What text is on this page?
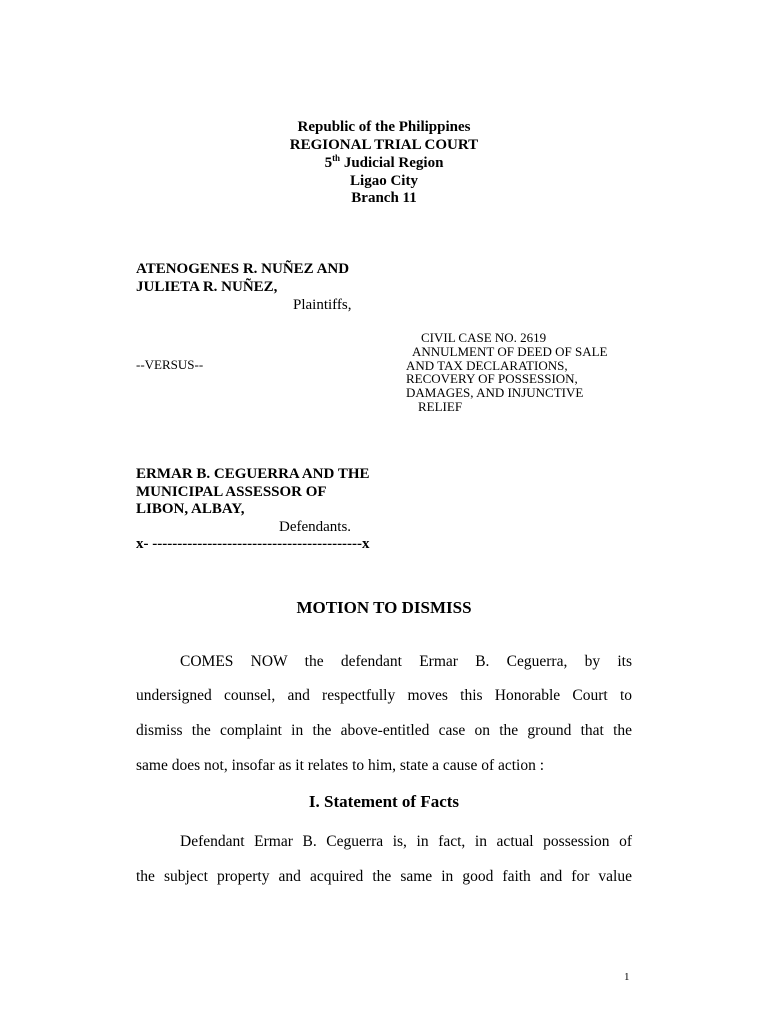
Republic of the Philippines
REGIONAL TRIAL COURT
5th Judicial Region
Ligao City
Branch 11
ATENOGENES R. NUÑEZ AND
JULIETA R. NUÑEZ,
Plaintiffs,
CIVIL CASE NO. 2619
ANNULMENT OF DEED OF SALE
AND TAX DECLARATIONS,
RECOVERY OF POSSESSION,
DAMAGES, AND INJUNCTIVE
RELIEF
--VERSUS--
ERMAR B. CEGUERRA AND THE
MUNICIPAL ASSESSOR OF
LIBON, ALBAY,
Defendants.
x- ------------------------------------------x
MOTION TO DISMISS
COMES NOW the defendant Ermar B. Ceguerra, by its
undersigned counsel, and respectfully moves this Honorable Court to
dismiss the complaint in the above-entitled case on the ground that the
same does not, insofar as it relates to him, state a cause of action :
I. Statement of Facts
Defendant Ermar B. Ceguerra is, in fact, in actual possession of
the subject property and acquired the same in good faith and for value
1
